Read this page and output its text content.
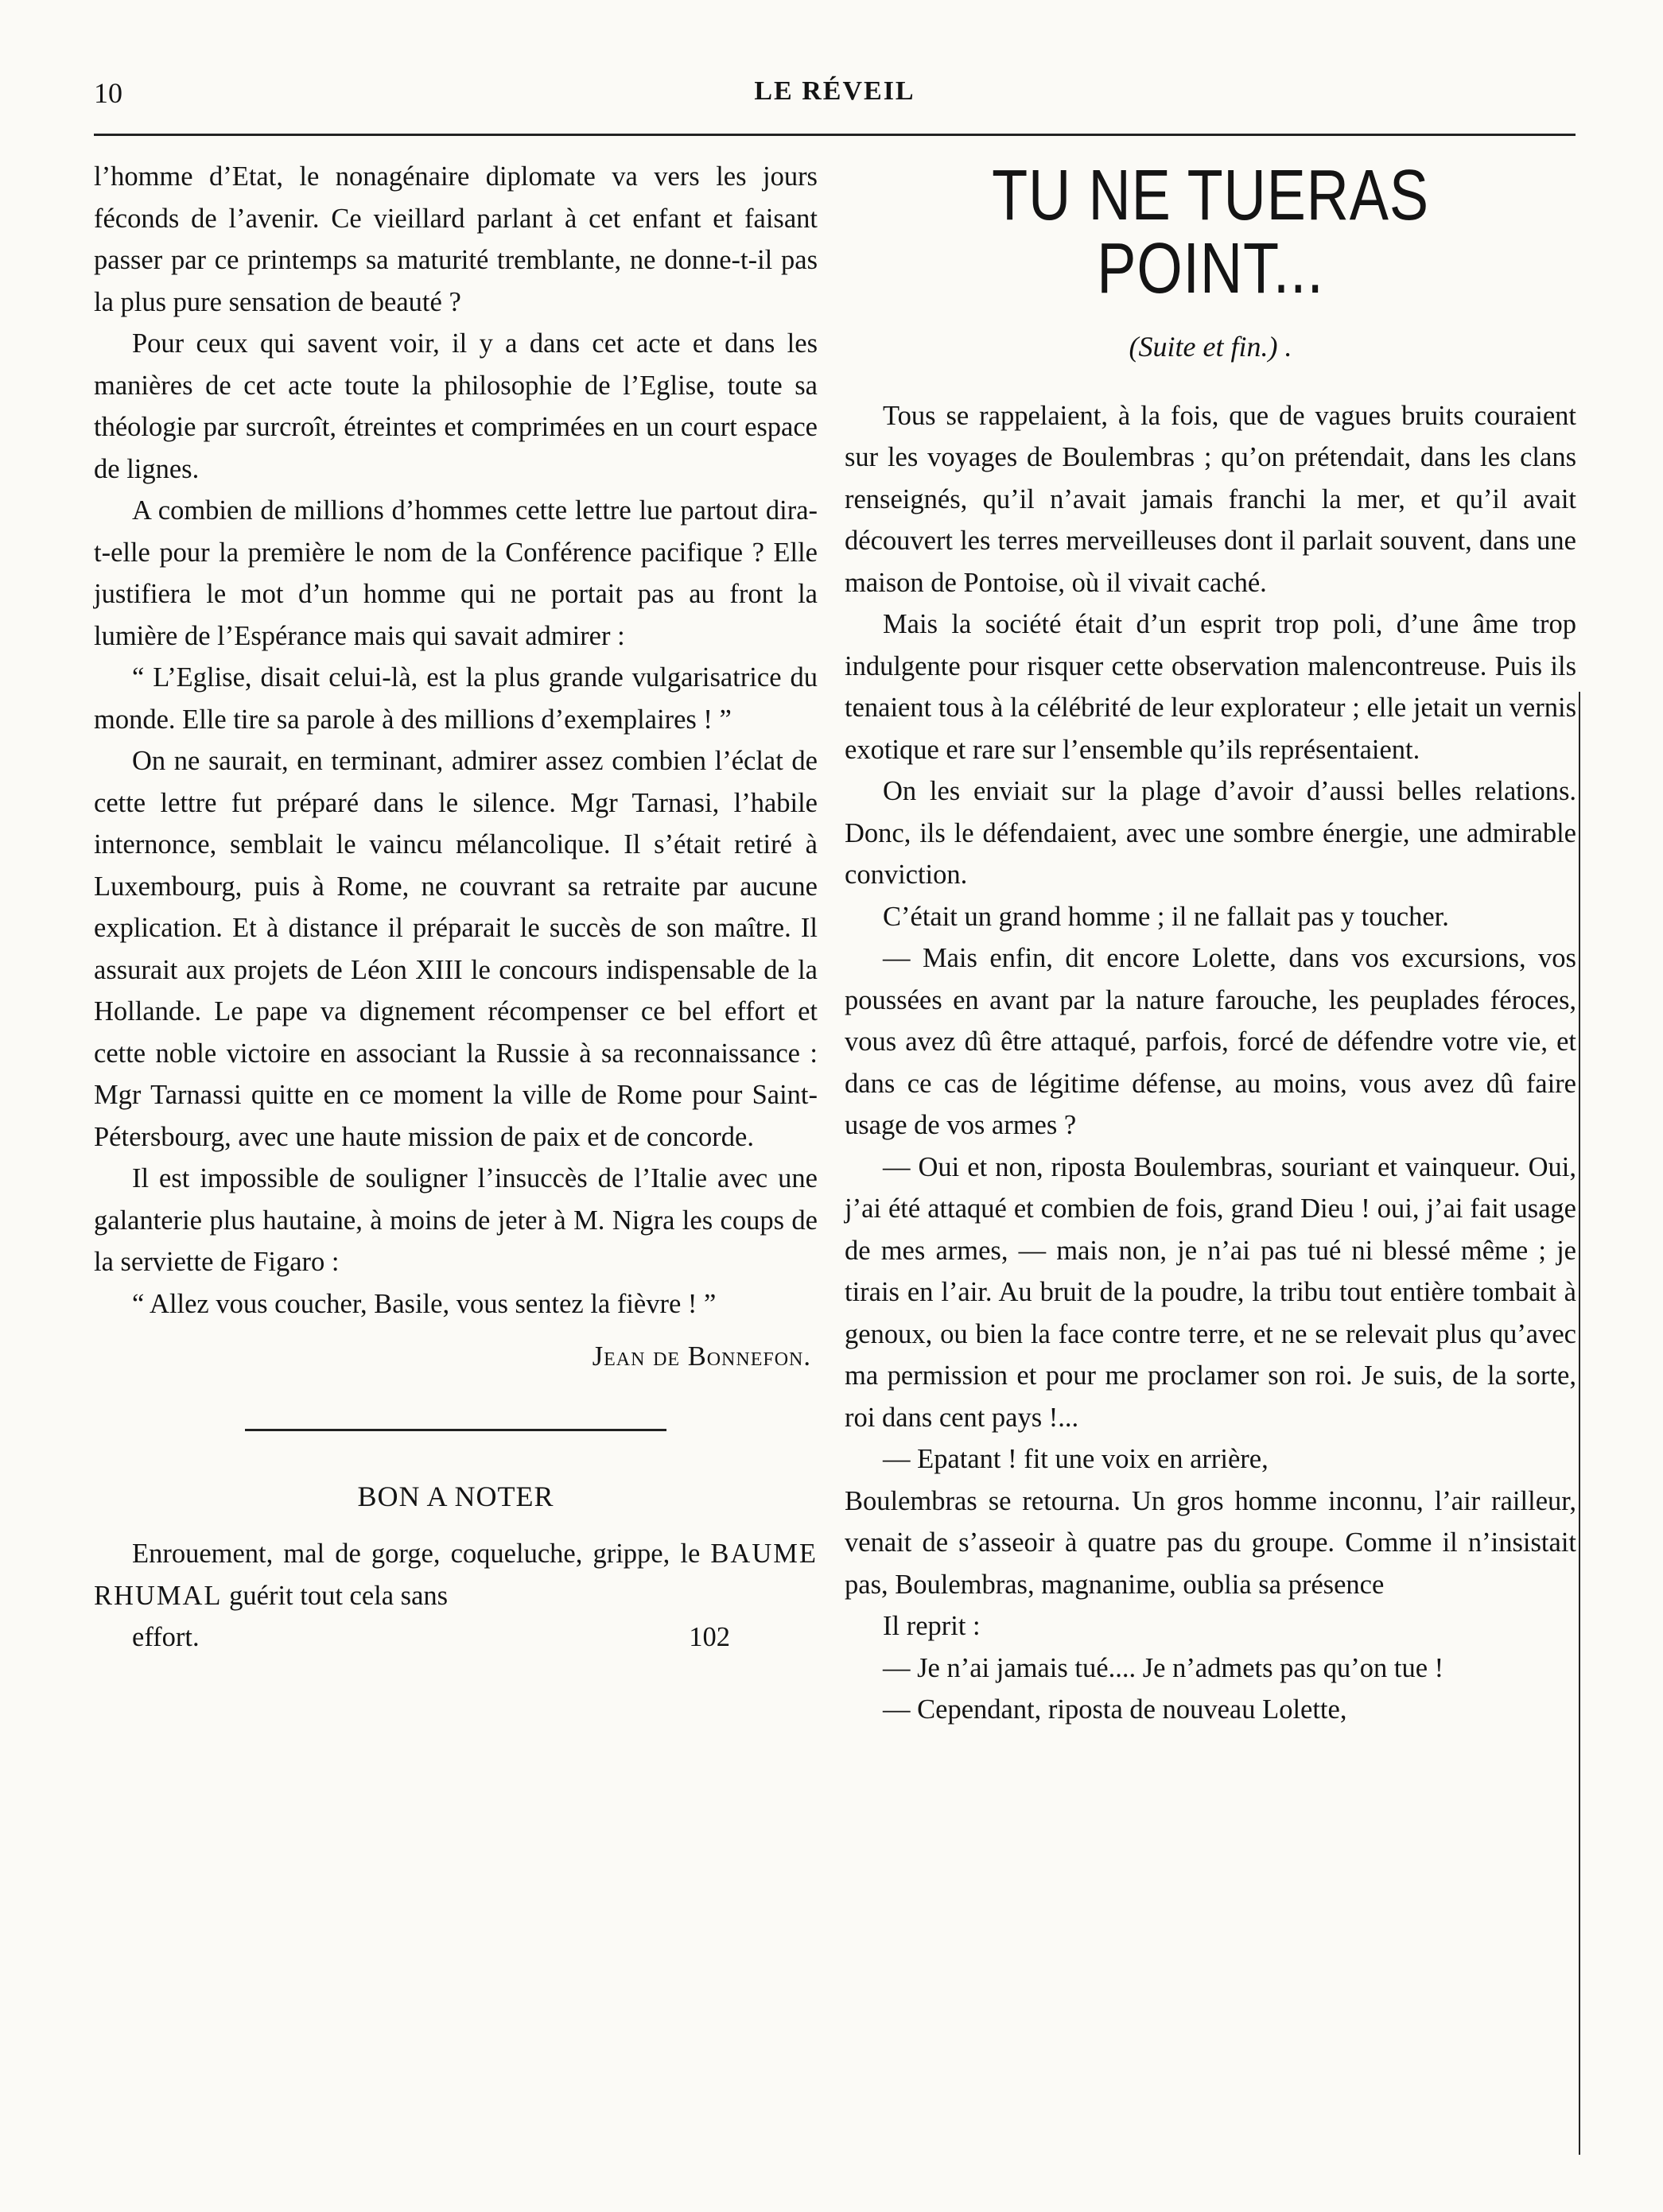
10	LE RÉVEIL

l’homme d’Etat, le nonagénaire diplomate va vers les jours féconds de l’avenir. Ce vieillard parlant à cet enfant et faisant passer par ce printemps sa maturité tremblante, ne donne-t-il pas la plus pure sensation de beauté ?

Pour ceux qui savent voir, il y a dans cet acte et dans les manières de cet acte toute la philosophie de l’Eglise, toute sa théologie par surcroît, étreintes et comprimées en un court espace de lignes.

A combien de millions d’hommes cette lettre lue partout dira-t-elle pour la première le nom de la Conférence pacifique ? Elle justifiera le mot d’un homme qui ne portait pas au front la lumière de l’Espérance mais qui savait admirer :

“ L’Eglise, disait celui-là, est la plus grande vulgarisatrice du monde. Elle tire sa parole à des millions d’exemplaires ! ”

On ne saurait, en terminant, admirer assez combien l’éclat de cette lettre fut préparé dans le silence. Mgr Tarnasi, l’habile internonce, semblait le vaincu mélancolique. Il s’était retiré à Luxembourg, puis à Rome, ne couvrant sa retraite par aucune explication. Et à distance il préparait le succès de son maître. Il assurait aux projets de Léon XIII le concours indispensable de la Hollande. Le pape va dignement récompenser ce bel effort et cette noble victoire en associant la Russie à sa reconnaissance : Mgr Tarnassi quitte en ce moment la ville de Rome pour Saint-Pétersbourg, avec une haute mission de paix et de concorde.

Il est impossible de souligner l’insuccès de l’Italie avec une galanterie plus hautaine, à moins de jeter à M. Nigra les coups de la serviette de Figaro :

“ Allez vous coucher, Basile, vous sentez la fièvre ! ”

Jean de Bonnefon.
BON A NOTER

Enrouement, mal de gorge, coqueluche, grippe, le BAUME RHUMAL guérit tout cela sans

effort.	102

TU NE TUERAS POINT...
(Suite et fin.) .

Tous se rappelaient, à la fois, que de vagues bruits couraient sur les voyages de Boulembras ; qu’on prétendait, dans les clans renseignés, qu’il n’avait jamais franchi la mer, et qu’il avait découvert les terres merveilleuses dont il parlait souvent, dans une maison de Pontoise, où il vivait caché.

Mais la société était d’un esprit trop poli, d’une âme trop indulgente pour risquer cette observation malencontreuse. Puis ils tenaient tous à la célébrité de leur explorateur ; elle jetait un vernis exotique et rare sur l’ensemble qu’ils représentaient.

On les enviait sur la plage d’avoir d’aussi belles relations. Donc, ils le défendaient, avec une sombre énergie, une admirable conviction.

C’était un grand homme ; il ne fallait pas y toucher.

— Mais enfin, dit encore Lolette, dans vos excursions, vos poussées en avant par la nature farouche, les peuplades féroces, vous avez dû être attaqué, parfois, forcé de défendre votre vie, et dans ce cas de légitime défense, au moins, vous avez dû faire usage de vos armes ?

— Oui et non, riposta Boulembras, souriant et vainqueur. Oui, j’ai été attaqué et combien de fois, grand Dieu ! oui, j’ai fait usage de mes armes, — mais non, je n’ai pas tué ni blessé même ; je tirais en l’air. Au bruit de la poudre, la tribu tout entière tombait à genoux, ou bien la face contre terre, et ne se relevait plus qu’avec ma permission et pour me proclamer son roi. Je suis, de la sorte, roi dans cent pays !...

— Epatant ! fit une voix en arrière,

Boulembras se retourna. Un gros homme inconnu, l’air railleur, venait de s’asseoir à quatre pas du groupe. Comme il n’insistait pas, Boulembras, magnanime, oublia sa présence

Il reprit :

— Je n’ai jamais tué.... Je n’admets pas qu’on tue !

— Cependant, riposta de nouveau Lolette,
